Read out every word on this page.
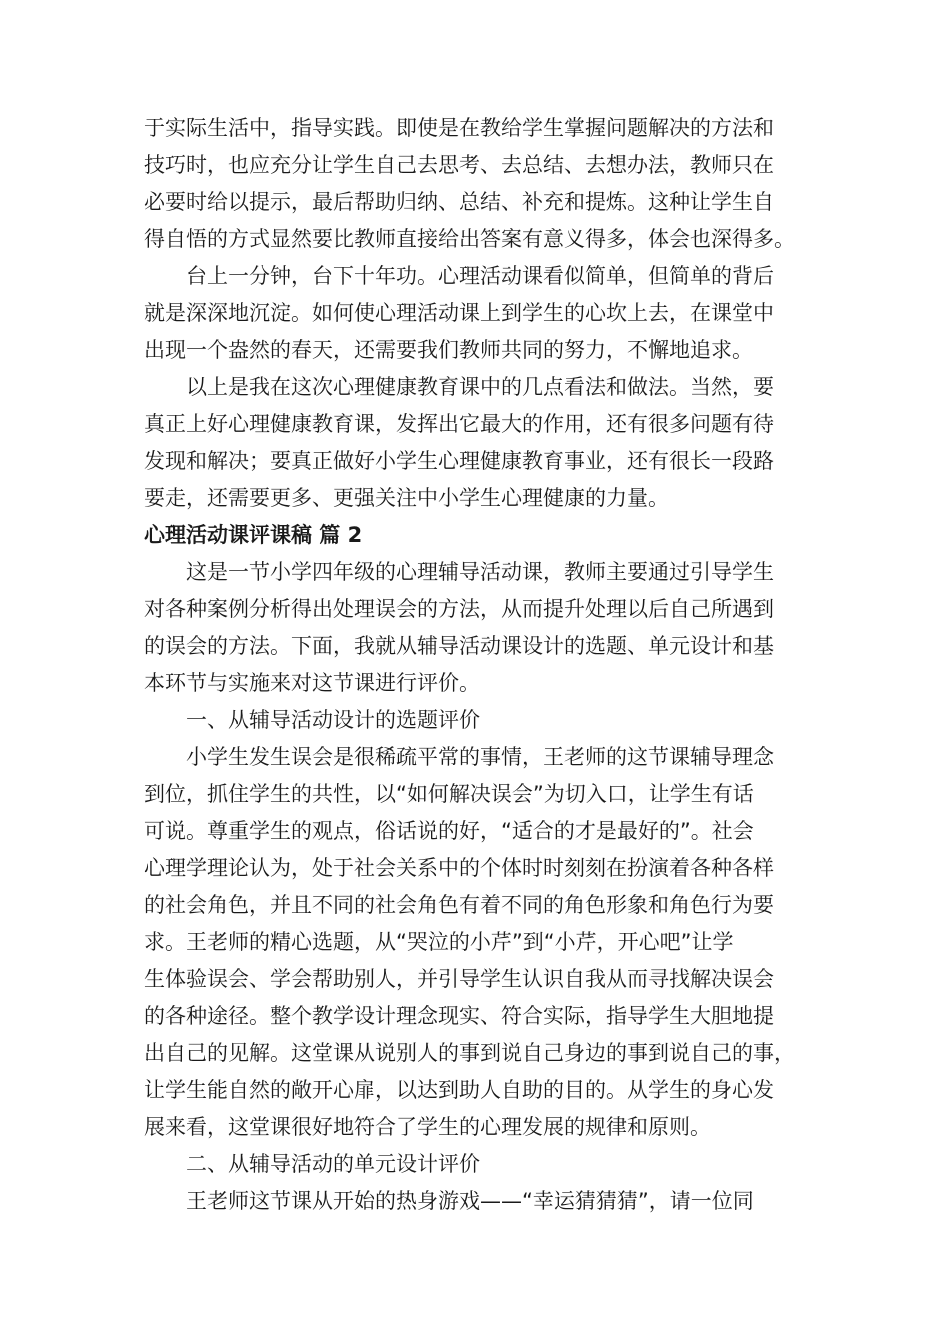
于实际生活中，指导实践。即使是在教给学生掌握问题解决的方法和
技巧时，也应充分让学生自己去思考、去总结、去想办法，教师只在
必要时给以提示，最后帮助归纳、总结、补充和提炼。这种让学生自
得自悟的方式显然要比教师直接给出答案有意义得多，体会也深得多。
台上一分钟，台下十年功。心理活动课看似简单，但简单的背后
就是深深地沉淀。如何使心理活动课上到学生的心坎上去，在课堂中
出现一个盎然的春天，还需要我们教师共同的努力，不懈地追求。
以上是我在这次心理健康教育课中的几点看法和做法。当然，要
真正上好心理健康教育课，发挥出它最大的作用，还有很多问题有待
发现和解决；要真正做好小学生心理健康教育事业，还有很长一段路
要走，还需要更多、更强关注中小学生心理健康的力量。
心理活动课评课稿 篇 2
这是一节小学四年级的心理辅导活动课，教师主要通过引导学生
对各种案例分析得出处理误会的方法，从而提升处理以后自己所遇到
的误会的方法。下面，我就从辅导活动课设计的选题、单元设计和基
本环节与实施来对这节课进行评价。
一、从辅导活动设计的选题评价
小学生发生误会是很稀疏平常的事情，王老师的这节课辅导理念
到位，抓住学生的共性，以“如何解决误会”为切入口，让学生有话
可说。尊重学生的观点，俗话说的好，“适合的才是最好的”。社会
心理学理论认为，处于社会关系中的个体时时刻刻在扮演着各种各样
的社会角色，并且不同的社会角色有着不同的角色形象和角色行为要
求。王老师的精心选题，从“哭泣的小芹”到“小芹，开心吧”让学
生体验误会、学会帮助别人，并引导学生认识自我从而寻找解决误会
的各种途径。整个教学设计理念现实、符合实际，指导学生大胆地提
出自己的见解。这堂课从说别人的事到说自己身边的事到说自己的事，
让学生能自然的敞开心扉，以达到助人自助的目的。从学生的身心发
展来看，这堂课很好地符合了学生的心理发展的规律和原则。
二、从辅导活动的单元设计评价
王老师这节课从开始的热身游戏——“幸运猜猜猜”，请一位同
